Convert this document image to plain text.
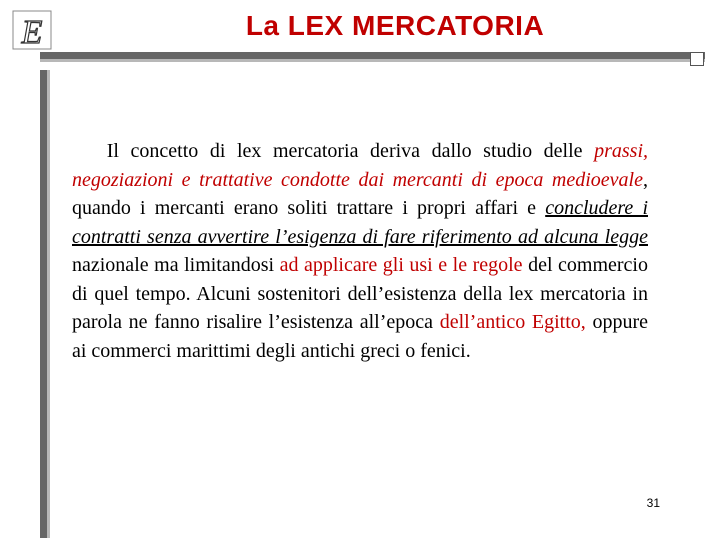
E	La LEX MERCATORIA
Il concetto di lex mercatoria deriva dallo studio delle prassi, negoziazioni e trattative condotte dai mercanti di epoca medioevale, quando i mercanti erano soliti trattare i propri affari e concludere i contratti senza avvertire l’esigenza di fare riferimento ad alcuna legge nazionale ma limitandosi ad applicare gli usi e le regole del commercio di quel tempo. Alcuni sostenitori dell’esistenza della lex mercatoria in parola ne fanno risalire l’esistenza all’epoca dell’antico Egitto, oppure ai commerci marittimi degli antichi greci o fenici.
31
